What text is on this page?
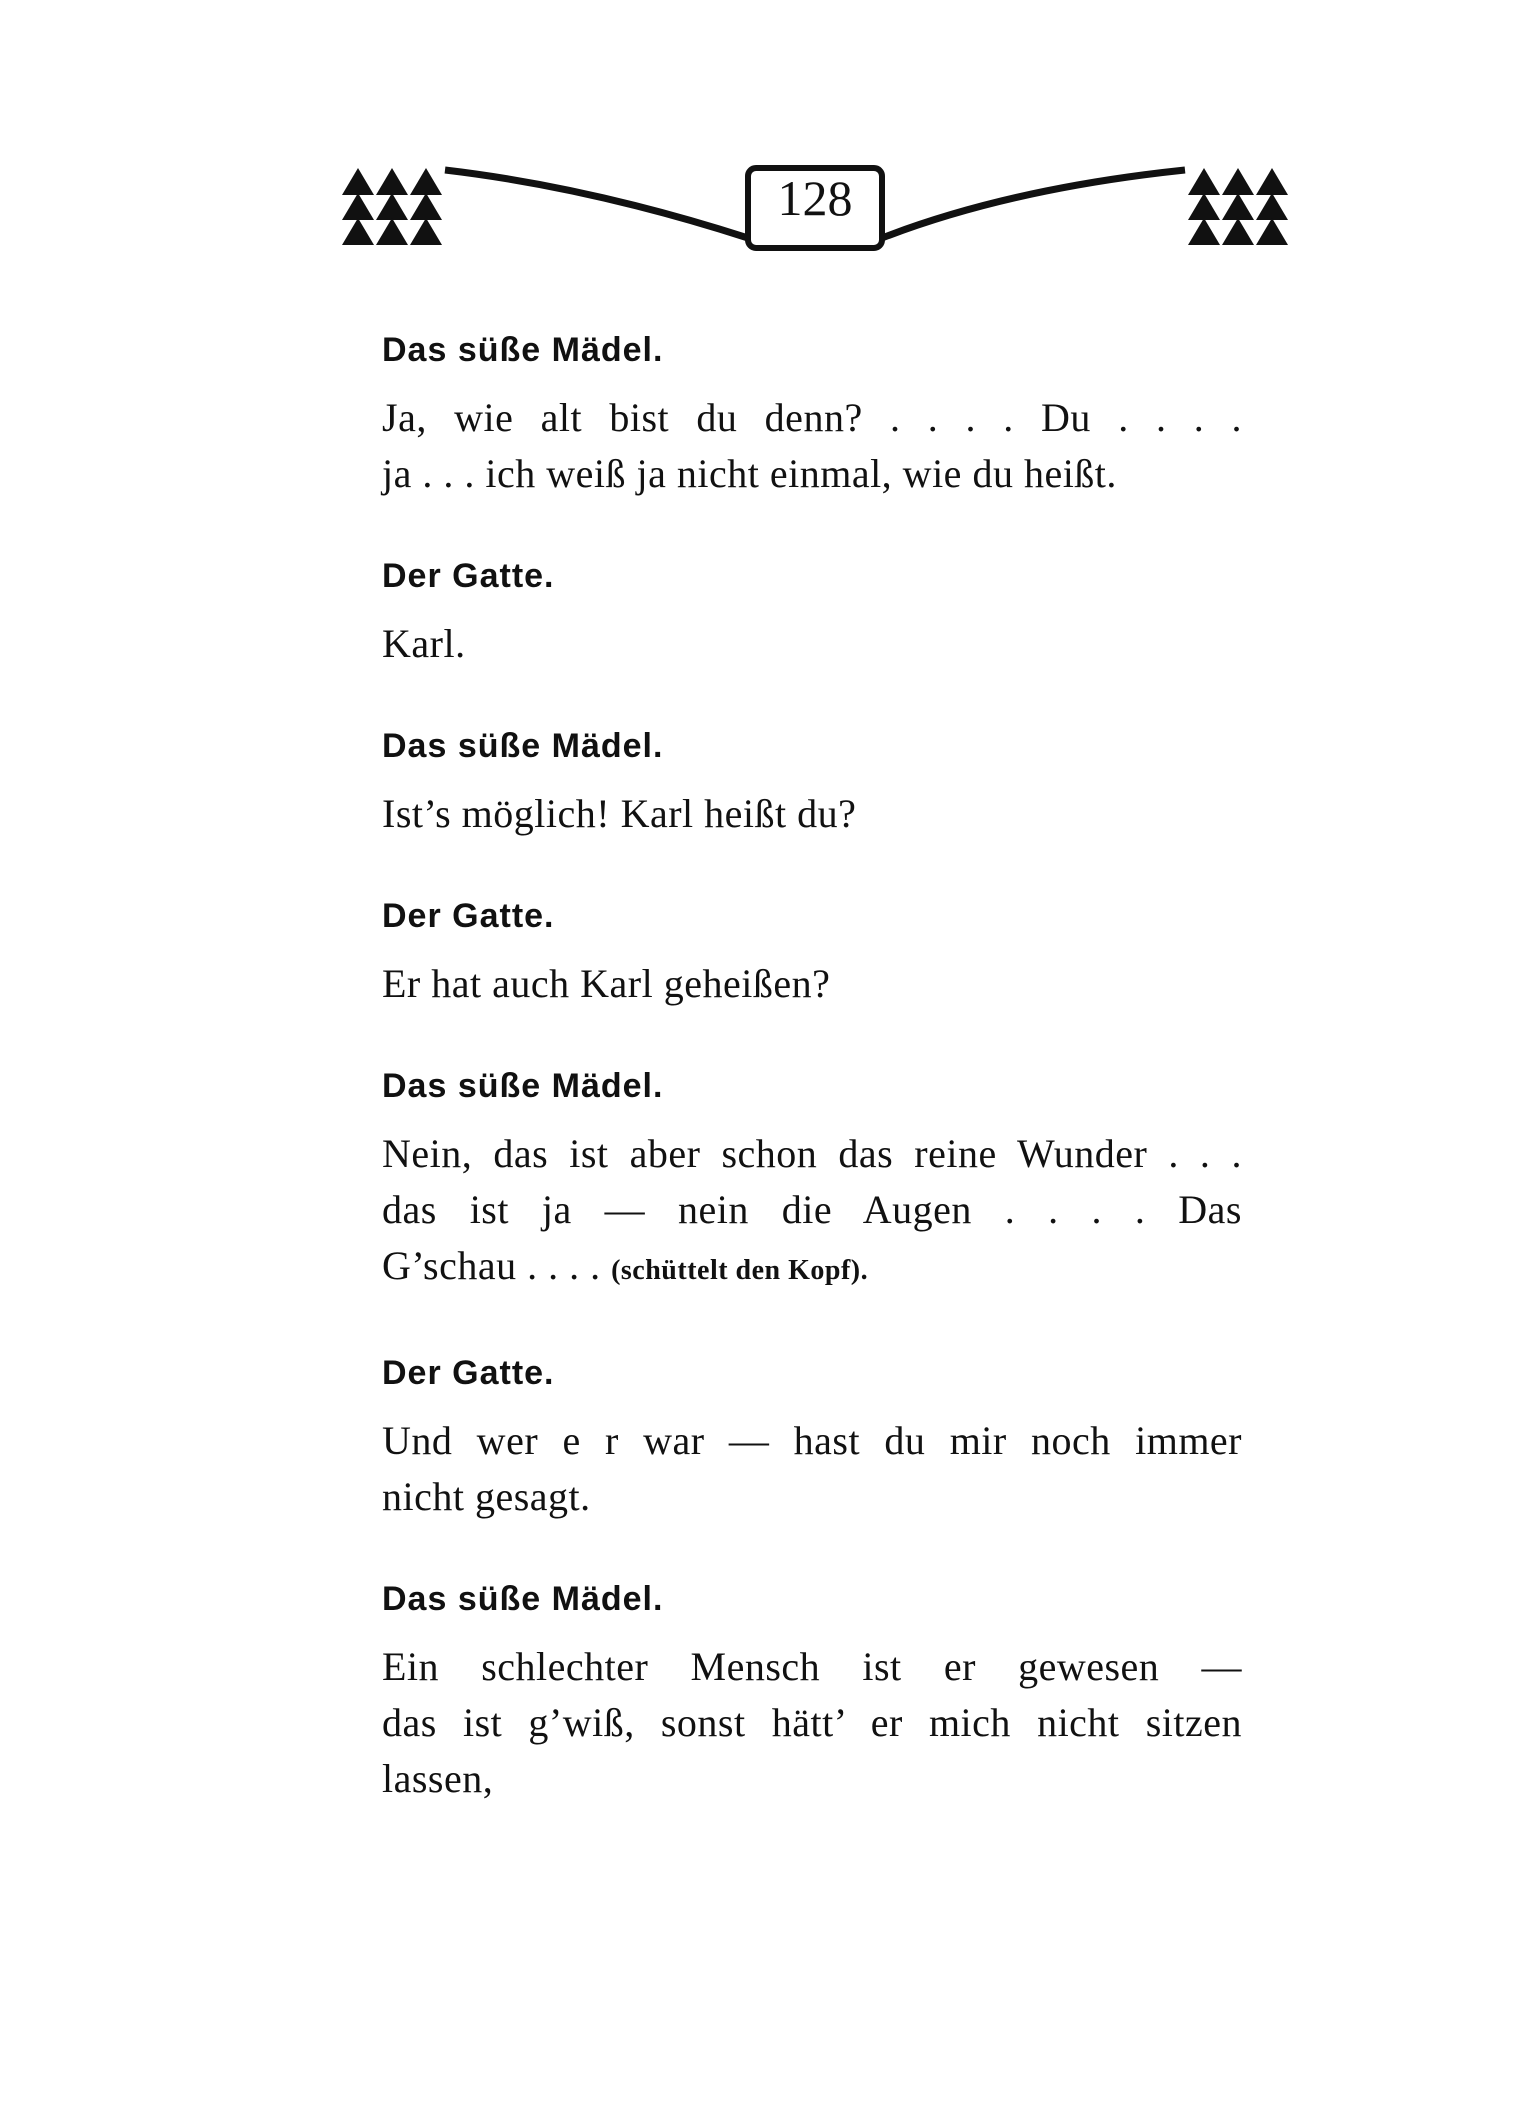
128
Das süße Mädel.
Ja, wie alt bist du denn? . . . . Du . . . .
ja . . . ich weiß ja nicht einmal, wie du heißt.
Der Gatte.
Karl.
Das süße Mädel.
Ist’s möglich! Karl heißt du?
Der Gatte.
Er hat auch Karl geheißen?
Das süße Mädel.
Nein, das ist aber schon das reine Wunder . . .
das ist ja — nein die Augen . . . . Das
G’schau . . . . (schüttelt den Kopf).
Der Gatte.
Und wer e r war — hast du mir noch immer
nicht gesagt.
Das süße Mädel.
Ein schlechter Mensch ist er gewesen —
das ist g’wiß, sonst hätt’ er mich nicht sitzen
lassen,
